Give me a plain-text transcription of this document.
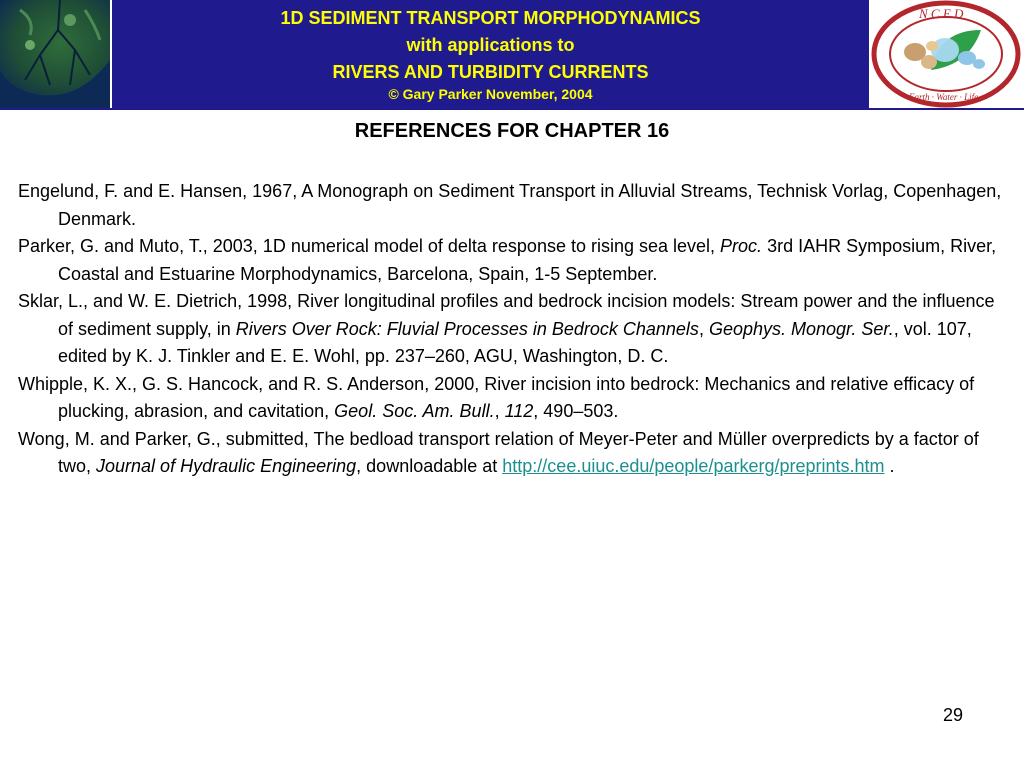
1D SEDIMENT TRANSPORT MORPHODYNAMICS
with applications to
RIVERS AND TURBIDITY CURRENTS
© Gary Parker November, 2004
N C E D
Earth · Water · Life
REFERENCES FOR CHAPTER 16

Engelund, F. and E. Hansen, 1967, A Monograph on Sediment Transport in Alluvial Streams, Technisk Vorlag, Copenhagen, Denmark.

Parker, G. and Muto, T., 2003, 1D numerical model of delta response to rising sea level, Proc. 3rd IAHR Symposium, River, Coastal and Estuarine Morphodynamics, Barcelona, Spain, 1-5 September.

Sklar, L., and W. E. Dietrich, 1998, River longitudinal profiles and bedrock incision models: Stream power and the influence of sediment supply, in Rivers Over Rock: Fluvial Processes in Bedrock Channels, Geophys. Monogr. Ser., vol. 107, edited by K. J. Tinkler and E. E. Wohl, pp. 237–260, AGU, Washington, D. C.

Whipple, K. X., G. S. Hancock, and R. S. Anderson, 2000, River incision into bedrock: Mechanics and relative efficacy of plucking, abrasion, and cavitation, Geol. Soc. Am. Bull., 112, 490–503.

Wong, M. and Parker, G., submitted, The bedload transport relation of Meyer-Peter and Müller overpredicts by a factor of two, Journal of Hydraulic Engineering, downloadable at http://cee.uiuc.edu/people/parkerg/preprints.htm .

29
